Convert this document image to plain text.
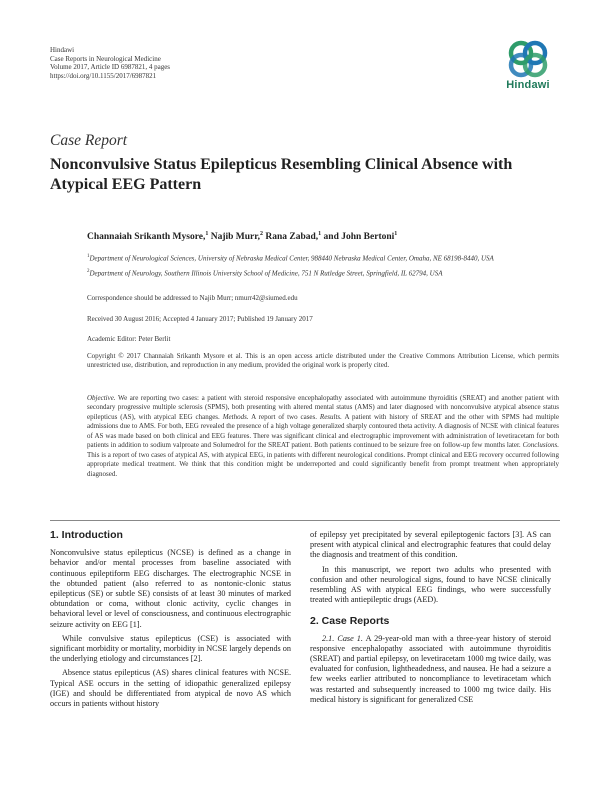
Hindawi
Case Reports in Neurological Medicine
Volume 2017, Article ID 6987821, 4 pages
https://doi.org/10.1155/2017/6987821
Hindawi
Case Report
Nonconvulsive Status Epilepticus Resembling Clinical Absence with Atypical EEG Pattern
Channaiah Srikanth Mysore,$^1$ Najib Murr,$^2$ Rana Zabad,$^1$ and John Bertoni$^1$
$^1$Department of Neurological Sciences, University of Nebraska Medical Center, 988440 Nebraska Medical Center, Omaha, NE 68198-8440, USA
$^2$Department of Neurology, Southern Illinois University School of Medicine, 751 N Rutledge Street, Springfield, IL 62794, USA
Correspondence should be addressed to Najib Murr; nmurr42@siumed.edu
Received 30 August 2016; Accepted 4 January 2017; Published 19 January 2017
Academic Editor: Peter Berlit
Copyright © 2017 Channaiah Srikanth Mysore et al. This is an open access article distributed under the Creative Commons Attribution License, which permits unrestricted use, distribution, and reproduction in any medium, provided the original work is properly cited.
Objective. We are reporting two cases: a patient with steroid responsive encephalopathy associated with autoimmune thyroiditis (SREAT) and another patient with secondary progressive multiple sclerosis (SPMS), both presenting with altered mental status (AMS) and later diagnosed with nonconvulsive atypical absence status epilepticus (AS), with atypical EEG changes. Methods. A report of two cases. Results. A patient with history of SREAT and the other with SPMS had multiple admissions due to AMS. For both, EEG revealed the presence of a high voltage generalized sharply contoured theta activity. A diagnosis of NCSE with clinical features of AS was made based on both clinical and EEG features. There was significant clinical and electrographic improvement with administration of levetiracetam for both patients in addition to sodium valproate and Solumedrol for the SREAT patient. Both patients continued to be seizure free on follow-up few months later. Conclusions. This is a report of two cases of atypical AS, with atypical EEG, in patients with different neurological conditions. Prompt clinical and EEG recovery occurred following appropriate medical treatment. We think that this condition might be underreported and could significantly benefit from prompt treatment when appropriately diagnosed.
1. Introduction

Nonconvulsive status epilepticus (NCSE) is defined as a change in behavior and/or mental processes from baseline associated with continuous epileptiform EEG discharges. The electrographic NCSE in the obtunded patient (also referred to as nontonic-clonic status epilepticus (SE) or subtle SE) consists of at least 30 minutes of marked obtundation or coma, without clonic activity, cyclic changes in behavioral level or level of consciousness, and continuous electrographic seizure activity on EEG [1].

While convulsive status epilepticus (CSE) is associated with significant morbidity or mortality, morbidity in NCSE largely depends on the underlying etiology and circumstances [2].

Absence status epilepticus (AS) shares clinical features with NCSE. Typical ASE occurs in the setting of idiopathic generalized epilepsy (IGE) and should be differentiated from atypical de novo AS which occurs in patients without history

of epilepsy yet precipitated by several epileptogenic factors [3]. AS can present with atypical clinical and electrographic features that could delay the diagnosis and treatment of this condition.

In this manuscript, we report two adults who presented with confusion and other neurological signs, found to have NCSE clinically resembling AS with atypical EEG findings, who were successfully treated with antiepileptic drugs (AED).

2. Case Reports

2.1. Case 1. A 29-year-old man with a three-year history of steroid responsive encephalopathy associated with autoimmune thyroiditis (SREAT) and partial epilepsy, on levetiracetam 1000 mg twice daily, was evaluated for confusion, lightheadedness, and nausea. He had a seizure a few weeks earlier attributed to noncompliance to levetiracetam which was restarted and subsequently increased to 1000 mg twice daily. His medical history is significant for generalized CSE
